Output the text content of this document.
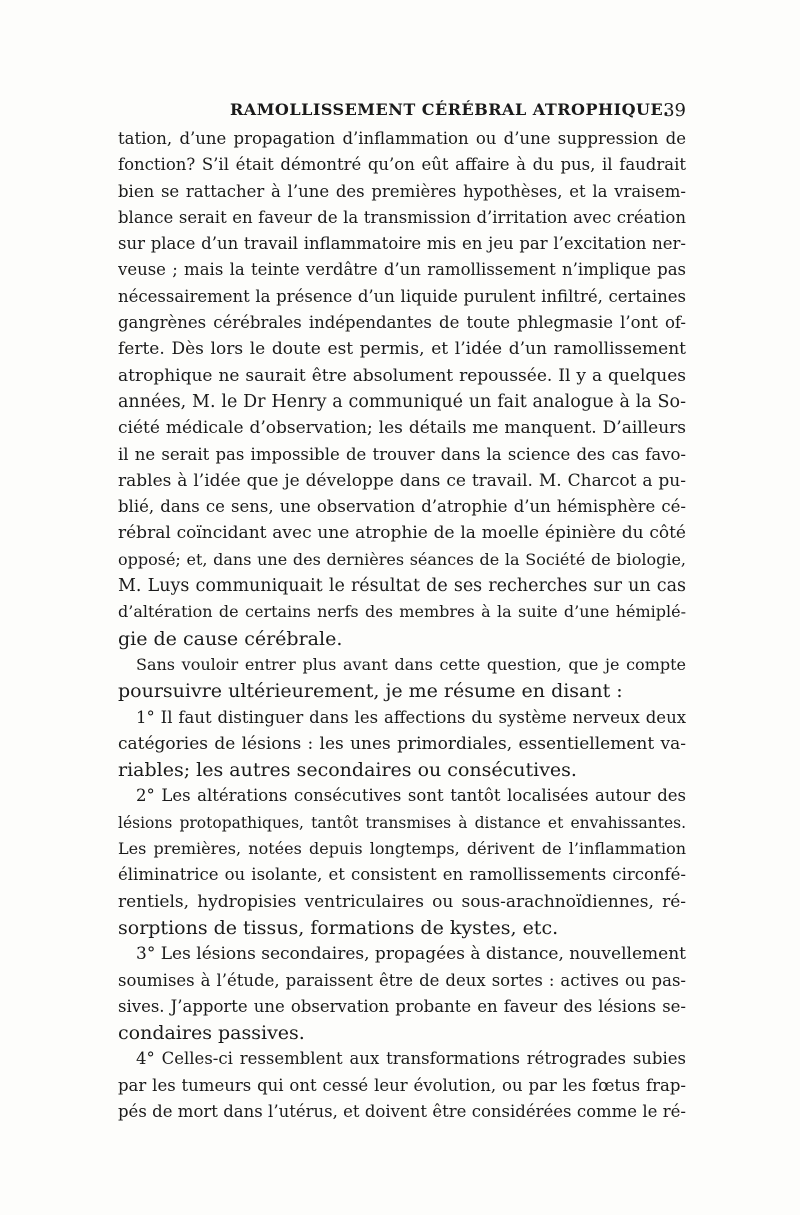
RAMOLLISSEMENT CÉRÉBRAL ATROPHIQUE.
39
tation, d’une propagation d’inflammation ou d’une suppression de
fonction? S’il était démontré qu’on eût affaire à du pus, il faudrait
bien se rattacher à l’une des premières hypothèses, et la vraisem-
blance serait en faveur de la transmission d’irritation avec création
sur place d’un travail inflammatoire mis en jeu par l’excitation ner-
veuse ; mais la teinte verdâtre d’un ramollissement n’implique pas
nécessairement la présence d’un liquide purulent infiltré, certaines
gangrènes cérébrales indépendantes de toute phlegmasie l’ont of-
ferte. Dès lors le doute est permis, et l’idée d’un ramollissement
atrophique ne saurait être absolument repoussée. Il y a quelques
années, M. le Dr Henry a communiqué un fait analogue à la So-
ciété médicale d’observation; les détails me manquent. D’ailleurs
il ne serait pas impossible de trouver dans la science des cas favo-
rables à l’idée que je développe dans ce travail. M. Charcot a pu-
blié, dans ce sens, une observation d’atrophie d’un hémisphère cé-
rébral coïncidant avec une atrophie de la moelle épinière du côté
opposé; et, dans une des dernières séances de la Société de biologie,
M. Luys communiquait le résultat de ses recherches sur un cas
d’altération de certains nerfs des membres à la suite d’une hémiplé-
gie de cause cérébrale.
Sans vouloir entrer plus avant dans cette question, que je compte
poursuivre ultérieurement, je me résume en disant :
1° Il faut distinguer dans les affections du système nerveux deux
catégories de lésions : les unes primordiales, essentiellement va-
riables; les autres secondaires ou consécutives.
2° Les altérations consécutives sont tantôt localisées autour des
lésions protopathiques, tantôt transmises à distance et envahissantes.
Les premières, notées depuis longtemps, dérivent de l’inflammation
éliminatrice ou isolante, et consistent en ramollissements circonfé-
rentiels, hydropisies ventriculaires ou sous-arachnoïdiennes, ré-
sorptions de tissus, formations de kystes, etc.
3° Les lésions secondaires, propagées à distance, nouvellement
soumises à l’étude, paraissent être de deux sortes : actives ou pas-
sives. J’apporte une observation probante en faveur des lésions se-
condaires passives.
4° Celles-ci ressemblent aux transformations rétrogrades subies
par les tumeurs qui ont cessé leur évolution, ou par les fœtus frap-
pés de mort dans l’utérus, et doivent être considérées comme le ré-
